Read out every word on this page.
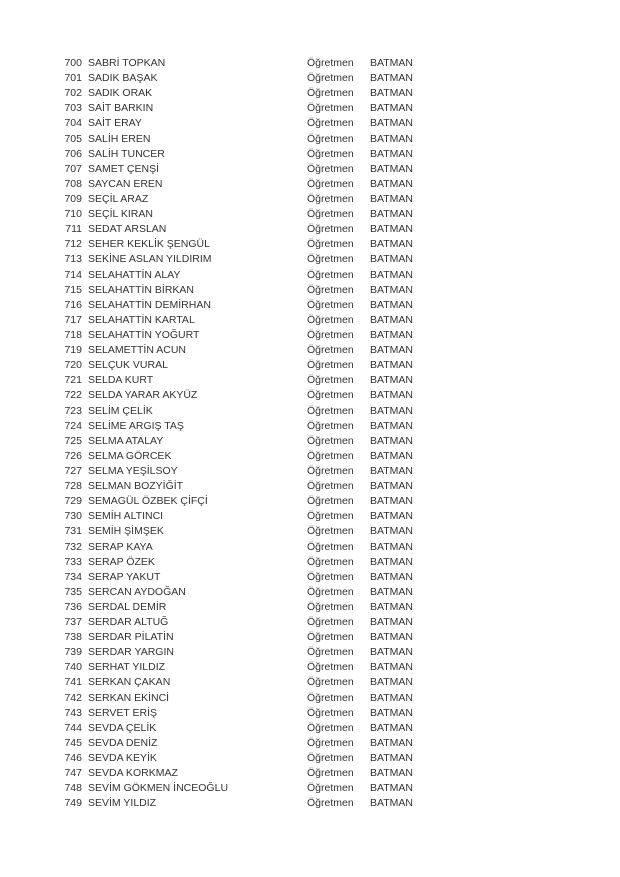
700 SABRİ TOPKAN	Öğretmen BATMAN
701 SADIK BAŞAK	Öğretmen BATMAN
702 SADIK ORAK	Öğretmen BATMAN
703 SAİT BARKIN	Öğretmen BATMAN
704 SAİT ERAY	Öğretmen BATMAN
705 SALİH EREN	Öğretmen BATMAN
706 SALİH TUNCER	Öğretmen BATMAN
707 SAMET ÇENŞİ	Öğretmen BATMAN
708 SAYCAN EREN	Öğretmen BATMAN
709 SEÇİL ARAZ	Öğretmen BATMAN
710 SEÇİL KIRAN	Öğretmen BATMAN
711 SEDAT ARSLAN	Öğretmen BATMAN
712 SEHER KEKLİK ŞENGÜL	Öğretmen BATMAN
713 SEKİNE ASLAN YILDIRIM	Öğretmen BATMAN
714 SELAHATTİN ALAY	Öğretmen BATMAN
715 SELAHATTİN BİRKAN	Öğretmen BATMAN
716 SELAHATTİN DEMİRHAN	Öğretmen BATMAN
717 SELAHATTİN KARTAL	Öğretmen BATMAN
718 SELAHATTİN YOĞURT	Öğretmen BATMAN
719 SELAMETTİN ACUN	Öğretmen BATMAN
720 SELÇUK VURAL	Öğretmen BATMAN
721 SELDA KURT	Öğretmen BATMAN
722 SELDA YARAR AKYÜZ	Öğretmen BATMAN
723 SELİM ÇELİK	Öğretmen BATMAN
724 SELİME ARGIŞ TAŞ	Öğretmen BATMAN
725 SELMA ATALAY	Öğretmen BATMAN
726 SELMA GÖRCEK	Öğretmen BATMAN
727 SELMA YEŞİLSOY	Öğretmen BATMAN
728 SELMAN BOZYİĞİT	Öğretmen BATMAN
729 SEMAGÜL ÖZBEK ÇİFÇİ	Öğretmen BATMAN
730 SEMİH ALTINCI	Öğretmen BATMAN
731 SEMİH ŞİMŞEK	Öğretmen BATMAN
732 SERAP KAYA	Öğretmen BATMAN
733 SERAP ÖZEK	Öğretmen BATMAN
734 SERAP YAKUT	Öğretmen BATMAN
735 SERCAN AYDOĞAN	Öğretmen BATMAN
736 SERDAL DEMİR	Öğretmen BATMAN
737 SERDAR ALTUĞ	Öğretmen BATMAN
738 SERDAR PİLATİN	Öğretmen BATMAN
739 SERDAR YARGIN	Öğretmen BATMAN
740 SERHAT YILDIZ	Öğretmen BATMAN
741 SERKAN ÇAKAN	Öğretmen BATMAN
742 SERKAN EKİNCİ	Öğretmen BATMAN
743 SERVET ERİŞ	Öğretmen BATMAN
744 SEVDA ÇELİK	Öğretmen BATMAN
745 SEVDA DENİZ	Öğretmen BATMAN
746 SEVDA KEYİK	Öğretmen BATMAN
747 SEVDA KORKMAZ	Öğretmen BATMAN
748 SEVİM GÖKMEN İNCEOĞLU	Öğretmen BATMAN
749 SEVİM YILDIZ	Öğretmen BATMAN
